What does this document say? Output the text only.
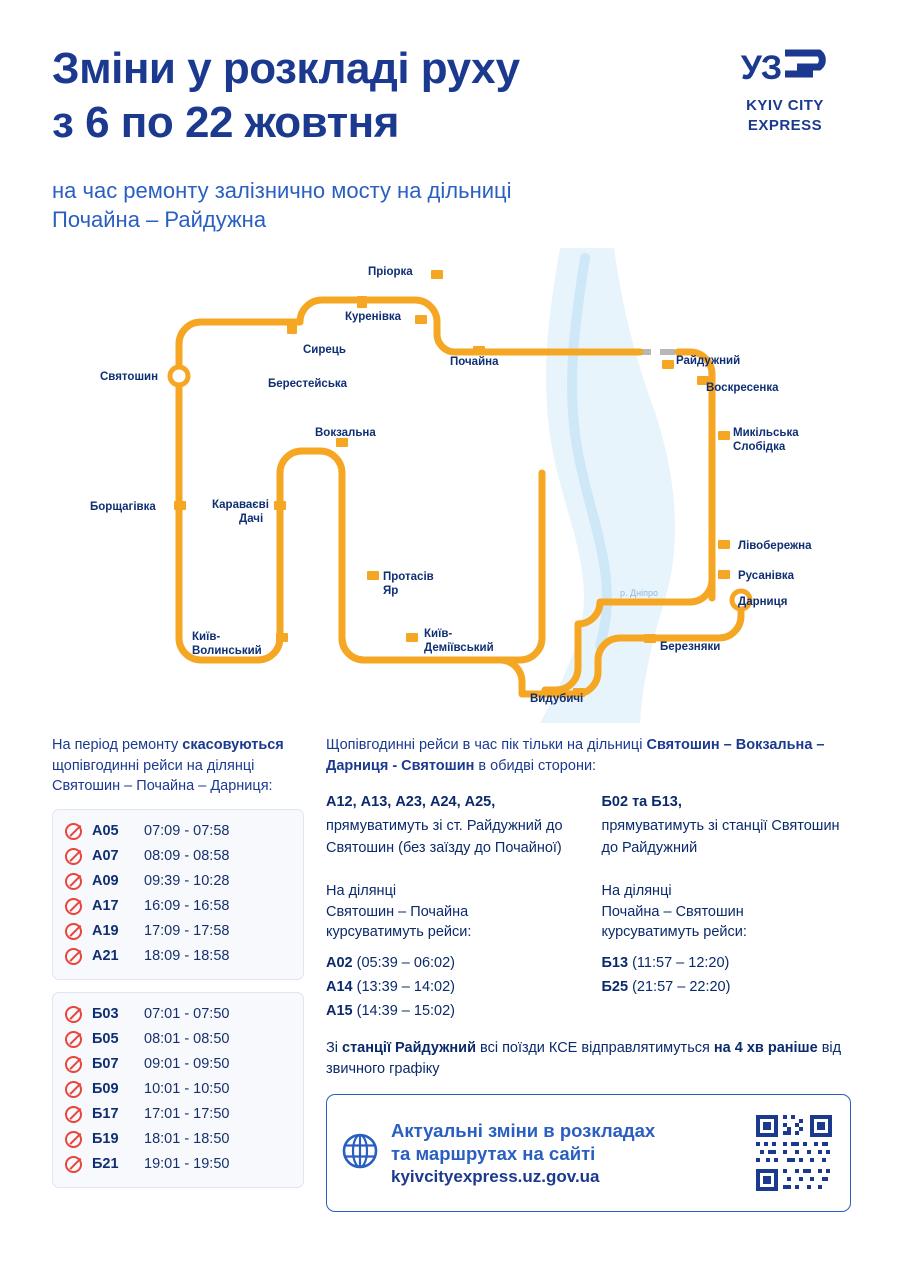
Зміни у розкладі руху
з 6 по 22 жовтня
на час ремонту залізнично мосту на дільниці
Почайна – Райдужна
УЗ
KYIV CITY
EXPRESS
р. Дніпро
Пріорка
Куренівка
Сирець
Берестейська
Почайна	Райдужний
Воскресенка
Микільська
Слобідка
Святошин
Вокзальна
Борщагівка	Караваєві
Дачі
Лівобережна
Русанівка
Дарниця
Протасів
Яр
Київ-
Волинський
Київ-
Деміївський	Березняки
Видубичі
На період ремонту скасовуються щопівгодинні рейси на ділянці Святошин – Почайна – Дарниця:
А05	07:09 - 07:58
А07	08:09 - 08:58
А09	09:39 - 10:28
А17	16:09 - 16:58
А19	17:09 - 17:58
А21	18:09 - 18:58
Б03	07:01 - 07:50
Б05	08:01 - 08:50
Б07	09:01 - 09:50
Б09	10:01 - 10:50
Б17	17:01 - 17:50
Б19	18:01 - 18:50
Б21	19:01 - 19:50
Щопівгодинні рейси в час пік тільки на дільниці Святошин – Вокзальна – Дарниця - Святошин в обидві сторони:
А12, А13, А23, А24, А25,
прямуватимуть зі ст. Райдужний до Святошин (без заїзду до Почайної)
Б02 та Б13,
прямуватимуть зі станції Святошин до Райдужний
На ділянці
Святошин – Почайна
курсуватимуть рейси:
А02 (05:39 – 06:02)
А14 (13:39 – 14:02)
А15 (14:39 – 15:02)
На ділянці
Почайна – Святошин
курсуватимуть рейси:
Б13 (11:57 – 12:20)
Б25 (21:57 – 22:20)
Зі станції Райдужний всі поїзди КСЕ відправлятимуться на 4 хв раніше від звичного графіку
Актуальні зміни в розкладах
та маршрутах на сайті
kyivcityexpress.uz.gov.ua
